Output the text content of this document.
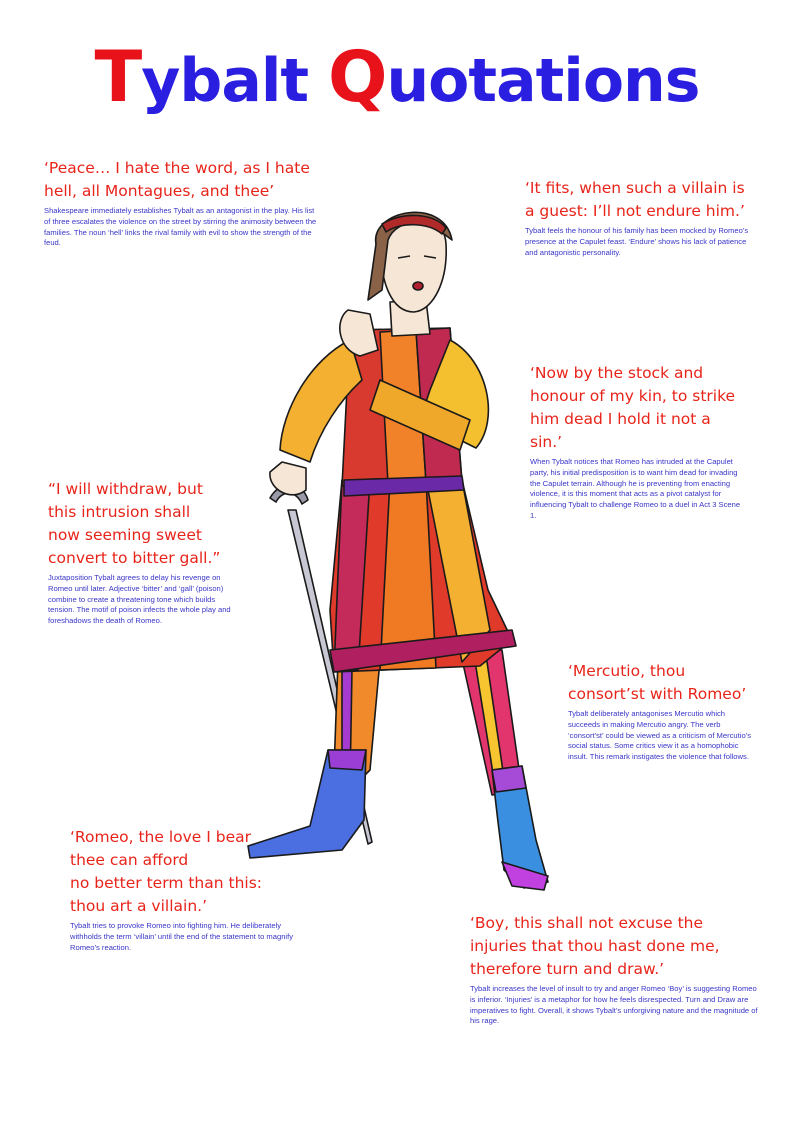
Tybalt Quotations

‘Peace… I hate the word, as I hate
hell, all Montagues, and thee’

Shakespeare immediately establishes Tybalt as an antagonist in the play. His list of three escalates the violence on the street by stirring the animosity between the families. The noun ‘hell’ links the rival family with evil to show the strength of the feud.

‘It fits, when such a villain is
a guest: I’ll not endure him.’

Tybalt feels the honour of his family has been mocked by Romeo’s presence at the Capulet feast. ‘Endure’ shows his lack of patience and antagonistic personality.

‘Now by the stock and
honour of my kin, to strike
him dead I hold it not a
sin.’

When Tybalt notices that Romeo has intruded at the Capulet party, his initial predisposition is to want him dead for invading the Capulet terrain. Although he is preventing from enacting violence, it is this moment that acts as a pivot catalyst for influencing Tybalt to challenge Romeo to a duel in Act 3 Scene 1.

“I will withdraw, but
this intrusion shall
now seeming sweet
convert to bitter gall.”

Juxtaposition Tybalt agrees to delay his revenge on Romeo until later. Adjective ‘bitter’ and ‘gall’ (poison) combine to create a threatening tone which builds tension. The motif of poison infects the whole play and foreshadows the death of Romeo.

‘Mercutio, thou
consort’st with Romeo’

Tybalt deliberately antagonises Mercutio which succeeds in making Mercutio angry. The verb ‘consort’st’ could be viewed as a criticism of Mercutio’s social status. Some critics view it as a homophobic insult. This remark instigates the violence that follows.

‘Romeo, the love I bear
thee can afford
no better term than this:
thou art a villain.’

Tybalt tries to provoke Romeo into fighting him. He deliberately withholds the term ‘villain’ until the end of the statement to magnify Romeo’s reaction.

‘Boy, this shall not excuse the
injuries that thou hast done me,
therefore turn and draw.’

Tybalt increases the level of insult to try and anger Romeo ‘Boy’ is suggesting Romeo is inferior. ‘Injuries’ is a metaphor for how he feels disrespected. Turn and Draw are imperatives to fight. Overall, it shows Tybalt’s unforgiving nature and the magnitude of his rage.
